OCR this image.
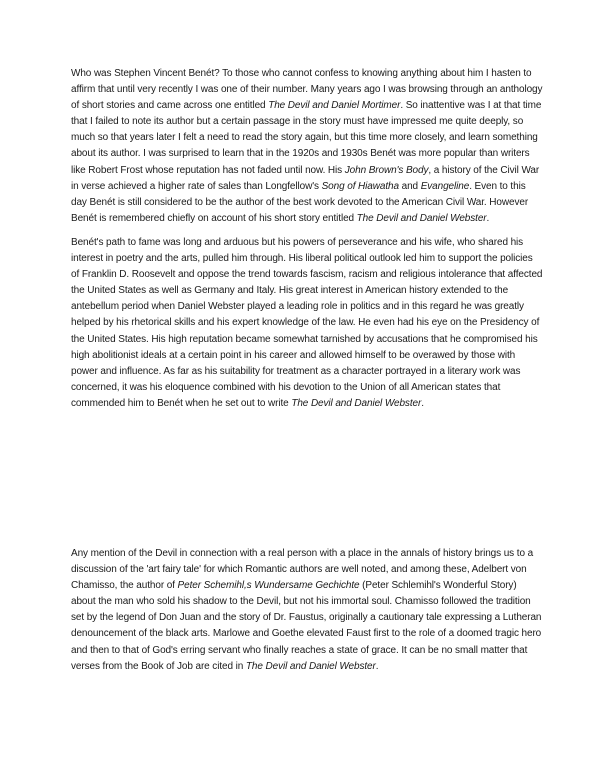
Who was Stephen Vincent Benét? To those who cannot confess to knowing anything about him I hasten to affirm that until very recently I was one of their number. Many years ago I was browsing through an anthology of short stories and came across one entitled The Devil and Daniel Mortimer. So inattentive was I at that time that I failed to note its author but a certain passage in the story must have impressed me quite deeply, so much so that years later I felt a need to read the story again, but this time more closely, and learn something about its author. I was surprised to learn that in the 1920s and 1930s Benét was more popular than writers like Robert Frost whose reputation has not faded until now. His John Brown's Body, a history of the Civil War in verse achieved a higher rate of sales than Longfellow's Song of Hiawatha and Evangeline. Even to this day Benét is still considered to be the author of the best work devoted to the American Civil War. However Benét is remembered chiefly on account of his short story entitled The Devil and Daniel Webster.

Benét's path to fame was long and arduous but his powers of perseverance and his wife, who shared his interest in poetry and the arts, pulled him through. His liberal political outlook led him to support the policies of Franklin D. Roosevelt and oppose the trend towards fascism, racism and religious intolerance that affected the United States as well as Germany and Italy. His great interest in American history extended to the antebellum period when Daniel Webster played a leading role in politics and in this regard he was greatly helped by his rhetorical skills and his expert knowledge of the law. He even had his eye on the Presidency of the United States. His high reputation became somewhat tarnished by accusations that he compromised his high abolitionist ideals at a certain point in his career and allowed himself to be overawed by those with power and influence. As far as his suitability for treatment as a character portrayed in a literary work was concerned, it was his eloquence combined with his devotion to the Union of all American states that commended him to Benét when he set out to write The Devil and Daniel Webster.

Any mention of the Devil in connection with a real person with a place in the annals of history brings us to a discussion of the 'art fairy tale' for which Romantic authors are well noted, and among these, Adelbert von Chamisso, the author of Peter Schemihl,s Wundersame Gechichte (Peter Schlemihl's Wonderful Story) about the man who sold his shadow to the Devil, but not his immortal soul. Chamisso followed the tradition set by the legend of Don Juan and the story of Dr. Faustus, originally a cautionary tale expressing a Lutheran denouncement of the black arts. Marlowe and Goethe elevated Faust first to the role of a doomed tragic hero and then to that of God's erring servant who finally reaches a state of grace. It can be no small matter that verses from the Book of Job are cited in The Devil and Daniel Webster.
